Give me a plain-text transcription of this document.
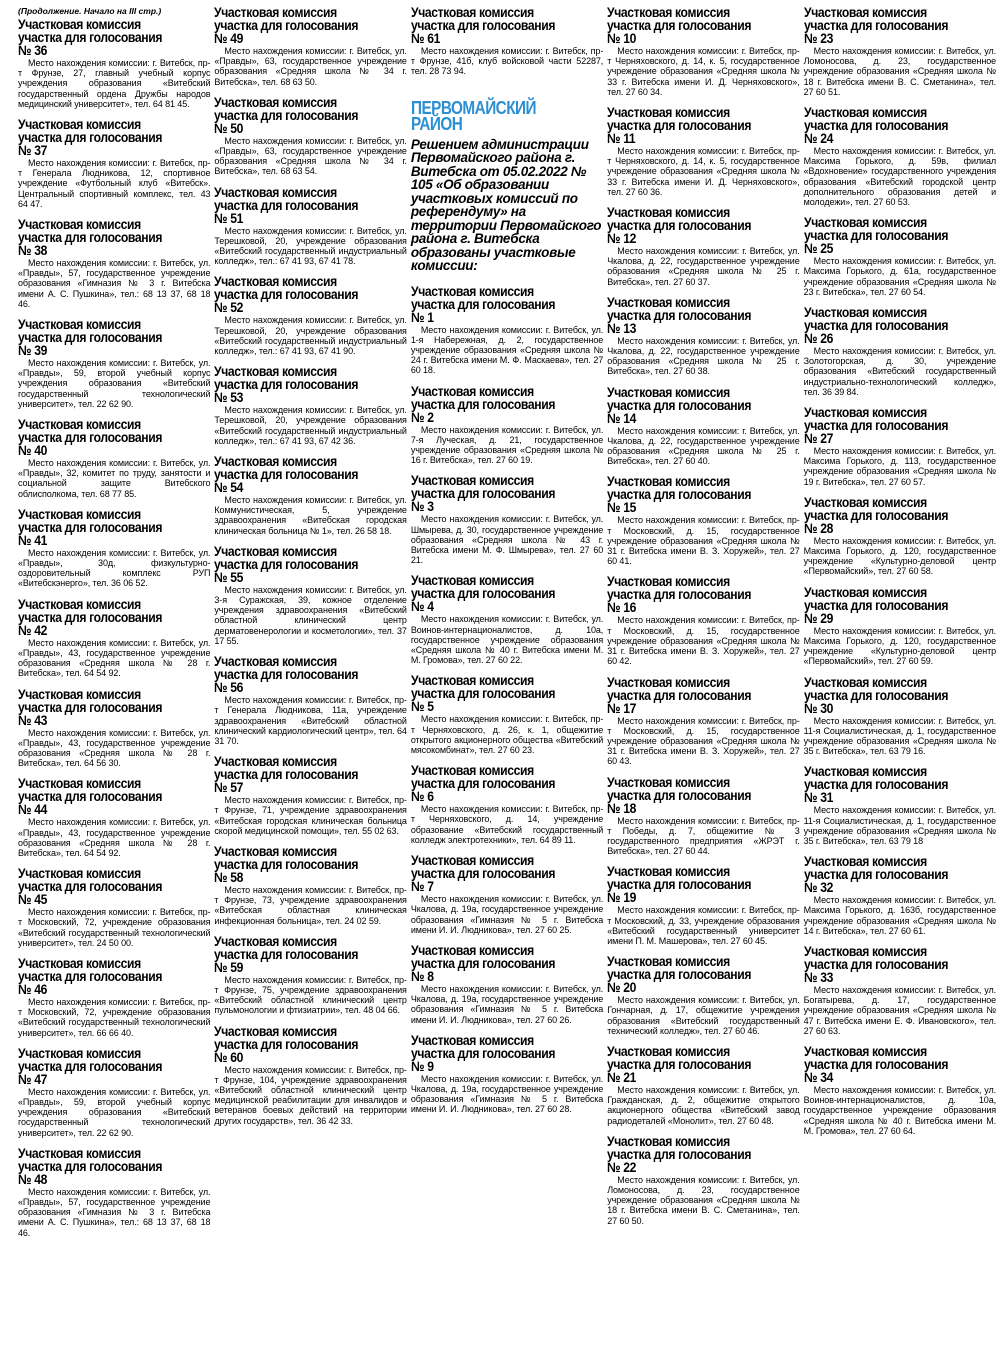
(Продолжение. Начало на III стр.)
Участковая комиссия
участка для голосования
№ 36
Место нахождения комиссии: г. Витебск, пр-т Фрунзе, 27, главный учебный корпус учреждения образования «Витебский государственный ордена Дружбы народов медицинский университет», тел. 64 81 45.
Участковая комиссия
участка для голосования
№ 37
Место нахождения комиссии: г. Витебск, пр-т Генерала Людникова, 12, спортивное учреждение «Футбольный клуб «Витебск». Центральный спортивный комплекс, тел. 43 64 47.
Участковая комиссия
участка для голосования
№ 38
Место нахождения комиссии: г. Витебск, ул. «Правды», 57, государственное учреждение образования «Гимназия № 3 г. Витебска имени А. С. Пушкина», тел.: 68 13 37, 68 18 46.
Участковая комиссия
участка для голосования
№ 39
Место нахождения комиссии: г. Витебск, ул. «Правды», 59, второй учебный корпус учреждения образования «Витебский государственный технологический университет», тел. 22 62 90.
Участковая комиссия
участка для голосования
№ 40
Место нахождения комиссии: г. Витебск, ул. «Правды», 32, комитет по труду, занятости и социальной защите Витебского облисполкома, тел. 68 77 85.
Участковая комиссия
участка для голосования
№ 41
Место нахождения комиссии: г. Витебск, ул. «Правды», 30д, физкультурно-оздоровительный комплекс РУП «Витебскэнерго», тел. 36 06 52.
Участковая комиссия
участка для голосования
№ 42
Место нахождения комиссии: г. Витебск, ул. «Правды», 43, государственное учреждение образования «Средняя школа № 28 г. Витебска», тел. 64 54 92.
Участковая комиссия
участка для голосования
№ 43
Место нахождения комиссии: г. Витебск, ул. «Правды», 43, государственное учреждение образования «Средняя школа № 28 г. Витебска», тел. 64 56 30.
Участковая комиссия
участка для голосования
№ 44
Место нахождения комиссии: г. Витебск, ул. «Правды», 43, государственное учреждение образования «Средняя школа № 28 г. Витебска», тел. 64 54 92.
Участковая комиссия
участка для голосования
№ 45
Место нахождения комиссии: г. Витебск, пр-т Московский, 72, учреждение образования «Витебский государственный технологический университет», тел. 24 50 00.
Участковая комиссия
участка для голосования
№ 46
Место нахождения комиссии: г. Витебск, пр-т Московский, 72, учреждение образования «Витебский государственный технологический университет», тел. 66 66 40.
Участковая комиссия
участка для голосования
№ 47
Место нахождения комиссии: г. Витебск, ул. «Правды», 59, второй учебный корпус учреждения образования «Витебский государственный технологический университет», тел. 22 62 90.
Участковая комиссия
участка для голосования
№ 48
Место нахождения комиссии: г. Витебск, ул. «Правды», 57, государственное учреждение образования «Гимназия № 3 г. Витебска имени А. С. Пушкина», тел.: 68 13 37, 68 18 46.
Участковая комиссия
участка для голосования
№ 49
Место нахождения комиссии: г. Витебск, ул. «Правды», 63, государственное учреждение образования «Средняя школа № 34 г. Витебска», тел. 68 63 50.
Участковая комиссия
участка для голосования
№ 50
Место нахождения комиссии: г. Витебск, ул. «Правды», 63, государственное учреждение образования «Средняя школа № 34 г. Витебска», тел. 68 63 54.
Участковая комиссия
участка для голосования
№ 51
Место нахождения комиссии: г. Витебск, ул. Терешковой, 20, учреждение образования «Витебский государственный индустриальный колледж», тел.: 67 41 93, 67 41 78.
Участковая комиссия
участка для голосования
№ 52
Место нахождения комиссии: г. Витебск, ул. Терешковой, 20, учреждение образования «Витебский государственный индустриальный колледж», тел.: 67 41 93, 67 41 90.
Участковая комиссия
участка для голосования
№ 53
Место нахождения комиссии: г. Витебск, ул. Терешковой, 20, учреждение образования «Витебский государственный индустриальный колледж», тел.: 67 41 93, 67 42 36.
Участковая комиссия
участка для голосования
№ 54
Место нахождения комиссии: г. Витебск, ул. Коммунистическая, 5, учреждение здравоохранения «Витебская городская клиническая больница № 1», тел. 26 58 18.
Участковая комиссия
участка для голосования
№ 55
Место нахождения комиссии: г. Витебск, ул. 3-я Суражская, 39, кожное отделение учреждения здравоохранения «Витебский областной клинический центр дерматовенерологии и косметологии», тел. 37 17 55.
Участковая комиссия
участка для голосования
№ 56
Место нахождения комиссии: г. Витебск, пр-т Генерала Людникова, 11а, учреждение здравоохранения «Витебский областной клинический кардиологический центр», тел. 64 31 70.
Участковая комиссия
участка для голосования
№ 57
Место нахождения комиссии: г. Витебск, пр-т Фрунзе, 71, учреждение здравоохранения «Витебская городская клиническая больница скорой медицинской помощи», тел. 55 02 63.
Участковая комиссия
участка для голосования
№ 58
Место нахождения комиссии: г. Витебск, пр-т Фрунзе, 73, учреждение здравоохранения «Витебская областная клиническая инфекционная больница», тел. 24 02 59.
Участковая комиссия
участка для голосования
№ 59
Место нахождения комиссии: г. Витебск, пр-т Фрунзе, 75, учреждение здравоохранения «Витебский областной клинический центр пульмонологии и фтизиатрии», тел. 48 04 66.
Участковая комиссия
участка для голосования
№ 60
Место нахождения комиссии: г. Витебск, пр-т Фрунзе, 104, учреждение здравоохранения «Витебский областной клинический центр медицинской реабилитации для инвалидов и ветеранов боевых действий на территории других государств», тел. 36 42 33.
Участковая комиссия
участка для голосования
№ 61
Место нахождения комиссии: г. Витебск, пр-т Фрунзе, 41б, клуб войсковой части 52287, тел. 28 73 94.
ПЕРВОМАЙСКИЙ
РАЙОН
Решением администрации Первомайского района г. Витебска от 05.02.2022 № 105 «Об образовании участковых комиссий по референдуму» на территории Первомайского района г. Витебска образованы участковые комиссии:
Участковая комиссия
участка для голосования
№ 1
Место нахождения комиссии: г. Витебск, ул. 1-я Набережная, д. 2, государственное учреждение образования «Средняя школа № 24 г. Витебска имени М. Ф. Маскаева», тел. 27 60 18.
Участковая комиссия
участка для голосования
№ 2
Место нахождения комиссии: г. Витебск, ул. 7-я Луческая, д. 21, государственное учреждение образования «Средняя школа № 16 г. Витебска», тел. 27 60 19.
Участковая комиссия
участка для голосования
№ 3
Место нахождения комиссии: г. Витебск, ул. Шмырева, д. 30, государственное учреждение образования «Средняя школа № 43 г. Витебска имени М. Ф. Шмырева», тел. 27 60 21.
Участковая комиссия
участка для голосования
№ 4
Место нахождения комиссии: г. Витебск, ул. Воинов-интернационалистов, д. 10а, государственное учреждение образования «Средняя школа № 40 г. Витебска имени М. М. Громова», тел. 27 60 22.
Участковая комиссия
участка для голосования
№ 5
Место нахождения комиссии: г. Витебск, пр-т Черняховского, д. 26, к. 1, общежитие открытого акционерного общества «Витебский мясокомбинат», тел. 27 60 23.
Участковая комиссия
участка для голосования
№ 6
Место нахождения комиссии: г. Витебск, пр-т Черняховского, д. 14, учреждение образование «Витебский государственный колледж электротехники», тел. 64 89 11.
Участковая комиссия
участка для голосования
№ 7
Место нахождения комиссии: г. Витебск, ул. Чкалова, д. 19а, государственное учреждение образования «Гимназия № 5 г. Витебска имени И. И. Людникова», тел. 27 60 25.
Участковая комиссия
участка для голосования
№ 8
Место нахождения комиссии: г. Витебск, ул. Чкалова, д. 19а, государственное учреждение образования «Гимназия № 5 г. Витебска имени И. И. Людникова», тел. 27 60 26.
Участковая комиссия
участка для голосования
№ 9
Место нахождения комиссии: г. Витебск, ул. Чкалова, д. 19а, государственное учреждение образования «Гимназия № 5 г. Витебска имени И. И. Людникова», тел. 27 60 28.
Участковая комиссия
участка для голосования
№ 10
Место нахождения комиссии: г. Витебск, пр-т Черняховского, д. 14, к. 5, государственное учреждение образования «Средняя школа № 33 г. Витебска имени И. Д. Черняховского», тел. 27 60 34.
Участковая комиссия
участка для голосования
№ 11
Место нахождения комиссии: г. Витебск, пр-т Черняховского, д. 14, к. 5, государственное учреждение образования «Средняя школа № 33 г. Витебска имени И. Д. Черняховского», тел. 27 60 36.
Участковая комиссия
участка для голосования
№ 12
Место нахождения комиссии: г. Витебск, ул. Чкалова, д. 22, государственное учреждение образования «Средняя школа № 25 г. Витебска», тел. 27 60 37.
Участковая комиссия
участка для голосования
№ 13
Место нахождения комиссии: г. Витебск, ул. Чкалова, д. 22, государственное учреждение образования «Средняя школа № 25 г. Витебска», тел. 27 60 38.
Участковая комиссия
участка для голосования
№ 14
Место нахождения комиссии: г. Витебск, ул. Чкалова, д. 22, государственное учреждение образования «Средняя школа № 25 г. Витебска», тел. 27 60 40.
Участковая комиссия
участка для голосования
№ 15
Место нахождения комиссии: г. Витебск, пр-т Московский, д. 15, государственное учреждение образования «Средняя школа № 31 г. Витебска имени В. З. Хоружей», тел. 27 60 41.
Участковая комиссия
участка для голосования
№ 16
Место нахождения комиссии: г. Витебск, пр-т Московский, д. 15, государственное учреждение образования «Средняя школа № 31 г. Витебска имени В. З. Хоружей», тел. 27 60 42.
Участковая комиссия
участка для голосования
№ 17
Место нахождения комиссии: г. Витебск, пр-т Московский, д. 15, государственное учреждение образования «Средняя школа № 31 г. Витебска имени В. З. Хоружей», тел. 27 60 43.
Участковая комиссия
участка для голосования
№ 18
Место нахождения комиссии: г. Витебск, пр-т Победы, д. 7, общежитие № 3 государственного предприятия «ЖРЭТ г. Витебска», тел. 27 60 44.
Участковая комиссия
участка для голосования
№ 19
Место нахождения комиссии: г. Витебск, пр-т Московский, д. 33, учреждение образования «Витебский государственный университет имени П. М. Машерова», тел. 27 60 45.
Участковая комиссия
участка для голосования
№ 20
Место нахождения комиссии: г. Витебск, ул. Гончарная, д. 17, общежитие учреждения образования «Витебский государственный технический колледж», тел. 27 60 46.
Участковая комиссия
участка для голосования
№ 21
Место нахождения комиссии: г. Витебск, ул. Гражданская, д. 2, общежитие открытого акционерного общества «Витебский завод радиодеталей «Монолит», тел. 27 60 48.
Участковая комиссия
участка для голосования
№ 22
Место нахождения комиссии: г. Витебск, ул. Ломоносова, д. 23, государственное учреждение образования «Средняя школа № 18 г. Витебска имени В. С. Сметанина», тел. 27 60 50.
Участковая комиссия
участка для голосования
№ 23
Место нахождения комиссии: г. Витебск, ул. Ломоносова, д. 23, государственное учреждение образования «Средняя школа № 18 г. Витебска имени В. С. Сметанина», тел. 27 60 51.
Участковая комиссия
участка для голосования
№ 24
Место нахождения комиссии: г. Витебск, ул. Максима Горького, д. 59в, филиал «Вдохновение» государственного учреждения образования «Витебский городской центр дополнительного образования детей и молодежи», тел. 27 60 53.
Участковая комиссия
участка для голосования
№ 25
Место нахождения комиссии: г. Витебск, ул. Максима Горького, д. 61а, государственное учреждение образования «Средняя школа № 23 г. Витебска», тел. 27 60 54.
Участковая комиссия
участка для голосования
№ 26
Место нахождения комиссии: г. Витебск, ул. Золотогорская, д. 30, учреждение образования «Витебский государственный индустриально-технологический колледж», тел. 36 39 84.
Участковая комиссия
участка для голосования
№ 27
Место нахождения комиссии: г. Витебск, ул. Максима Горького, д. 113, государственное учреждение образования «Средняя школа № 19 г. Витебска», тел. 27 60 57.
Участковая комиссия
участка для голосования
№ 28
Место нахождения комиссии: г. Витебск, ул. Максима Горького, д. 120, государственное учреждение «Культурно-деловой центр «Первомайский», тел. 27 60 58.
Участковая комиссия
участка для голосования
№ 29
Место нахождения комиссии: г. Витебск, ул. Максима Горького, д. 120, государственное учреждение «Культурно-деловой центр «Первомайский», тел. 27 60 59.
Участковая комиссия
участка для голосования
№ 30
Место нахождения комиссии: г. Витебск, ул. 11-я Социалистическая, д. 1, государственное учреждение образования «Средняя школа № 35 г. Витебска», тел. 63 79 16.
Участковая комиссия
участка для голосования
№ 31
Место нахождения комиссии: г. Витебск, ул. 11-я Социалистическая, д. 1, государственное учреждение образования «Средняя школа № 35 г. Витебска», тел. 63 79 18
Участковая комиссия
участка для голосования
№ 32
Место нахождения комиссии: г. Витебск, ул. Максима Горького, д. 163б, государственное учреждение образования «Средняя школа № 14 г. Витебска», тел. 27 60 61.
Участковая комиссия
участка для голосования
№ 33
Место нахождения комиссии: г. Витебск, ул. Богатырева, д. 17, государственное учреждение образования «Средняя школа № 47 г. Витебска имени Е. Ф. Ивановского», тел. 27 60 63.
Участковая комиссия
участка для голосования
№ 34
Место нахождения комиссии: г. Витебск, ул. Воинов-интернационалистов, д. 10а, государственное учреждение образования «Средняя школа № 40 г. Витебска имени М. М. Громова», тел. 27 60 64.
